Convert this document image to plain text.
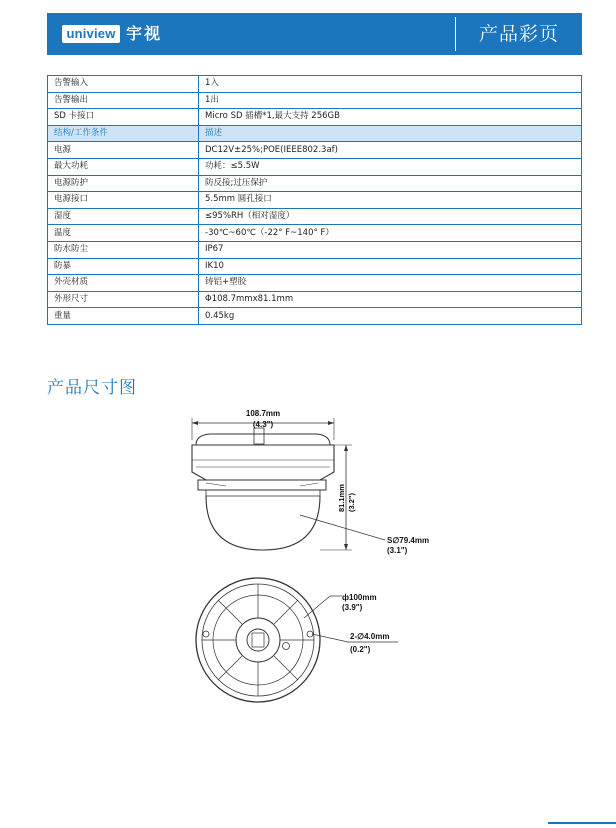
uniview 宇视	产品彩页
告警输入	1入
告警输出	1出
SD 卡接口	Micro SD 插槽*1,最大支持 256GB
结构/工作条件	描述
电源	DC12V±25%;POE(IEEE802.3af)
最大功耗	功耗：≤5.5W
电源防护	防反接;过压保护
电源接口	5.5mm 圆孔接口
湿度	≤95%RH（相对湿度）
温度	-30℃~60℃（-22° F~140° F）
防水防尘	IP67
防暴	IK10
外壳材质	铸铝+塑胶
外形尺寸	Φ108.7mmx81.1mm
重量	0.45kg
产品尺寸图
108.7mm
(4.3")
81.1mm (3.2")
S∅79.4mm
(3.1")
ф100mm
(3.9")
2-∅4.0mm
(0.2")
